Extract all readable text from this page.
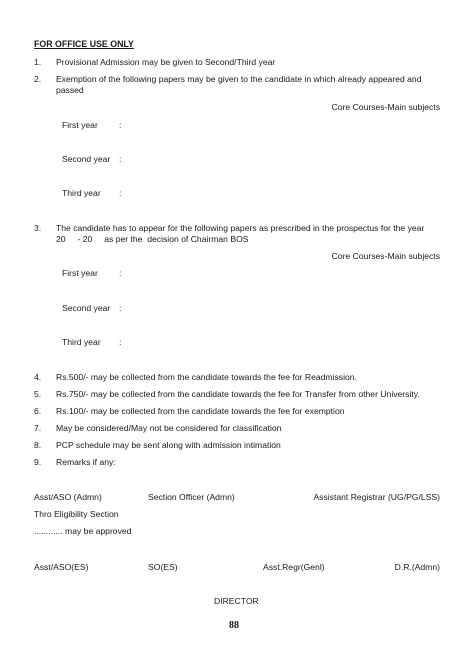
FOR OFFICE USE ONLY
1.	Provisional Admission may be given to Second/Third year
2.	Exemption of the following papers may be given to the candidate in which already appeared and
passed
Core Courses-Main subjects
First year :
Second year :
Third year :
3.	The candidate has to appear for the following papers as prescribed in the prospectus for the year
20     - 20     as per the  decision of Chairman BOS
Core Courses-Main subjects
First year :
Second year :
Third year :
4.	Rs.500/- may be collected from the candidate towards the fee for Readmission.
5.	Rs.750/- may be collected from the candidate towards the fee for Transfer from other University.
6.	Rs.100/- may be collected from the candidate towards the fee for exemption
7.	May be considered/May not be considered for classification
8.	PCP schedule may be sent along with admission intimation
9.	Remarks if any:
Asst/ASO (Admn)	Section Officer (Admn)	Assistant Registrar (UG/PG/LSS)
Thro Eligibility Section
............ may be approved
Asst/ASO(ES)	SO(ES)	Asst.Regr(Genl)	D.R.(Admn)
DIRECTOR
88
